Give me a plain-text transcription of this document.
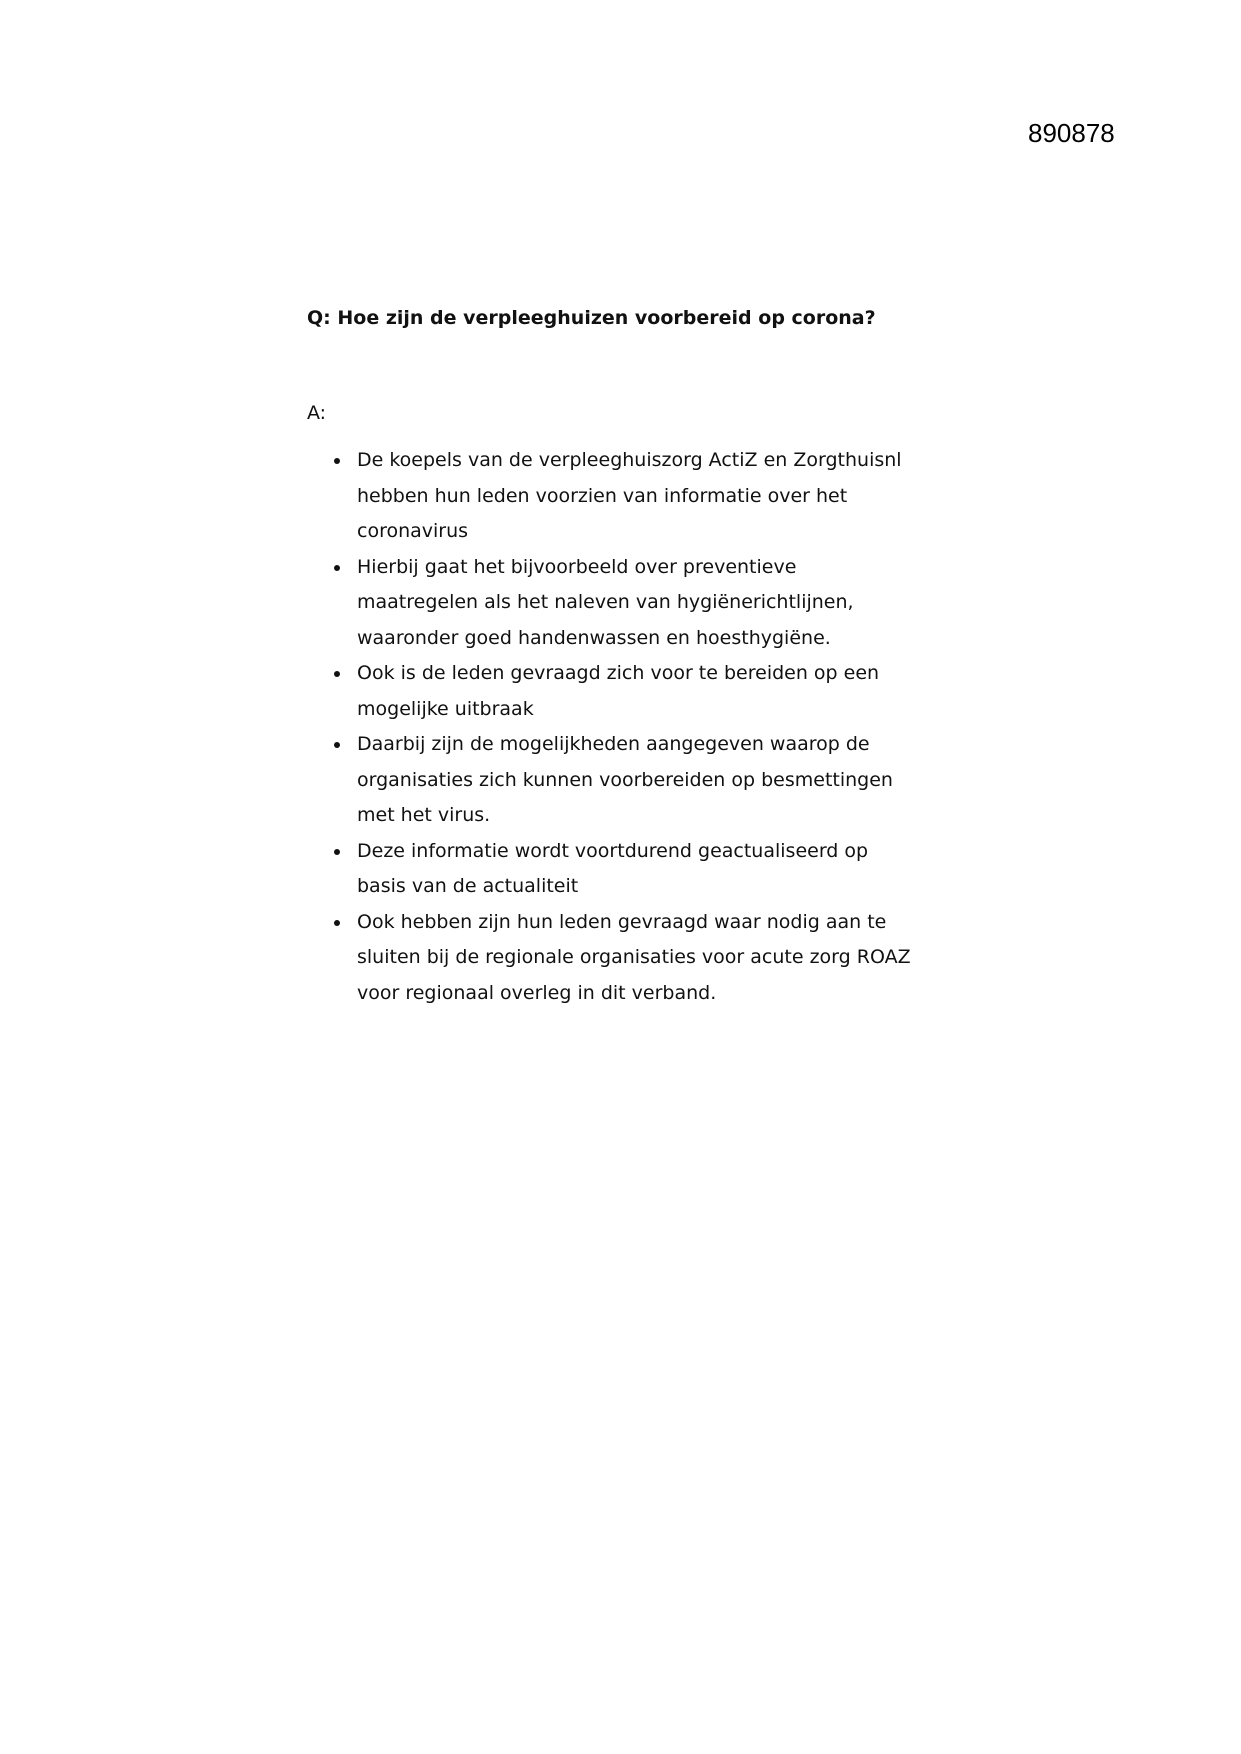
890878
Q: Hoe zijn de verpleeghuizen voorbereid op corona?
A:
De koepels van de verpleeghuiszorg ActiZ en Zorgthuisnl
hebben hun leden voorzien van informatie over het
coronavirus
Hierbij gaat het bijvoorbeeld over preventieve
maatregelen als het naleven van hygiënerichtlijnen,
waaronder goed handenwassen en hoesthygiëne.
Ook is de leden gevraagd zich voor te bereiden op een
mogelijke uitbraak
Daarbij zijn de mogelijkheden aangegeven waarop de
organisaties zich kunnen voorbereiden op besmettingen
met het virus.
Deze informatie wordt voortdurend geactualiseerd op
basis van de actualiteit
Ook hebben zijn hun leden gevraagd waar nodig aan te
sluiten bij de regionale organisaties voor acute zorg ROAZ
voor regionaal overleg in dit verband.
